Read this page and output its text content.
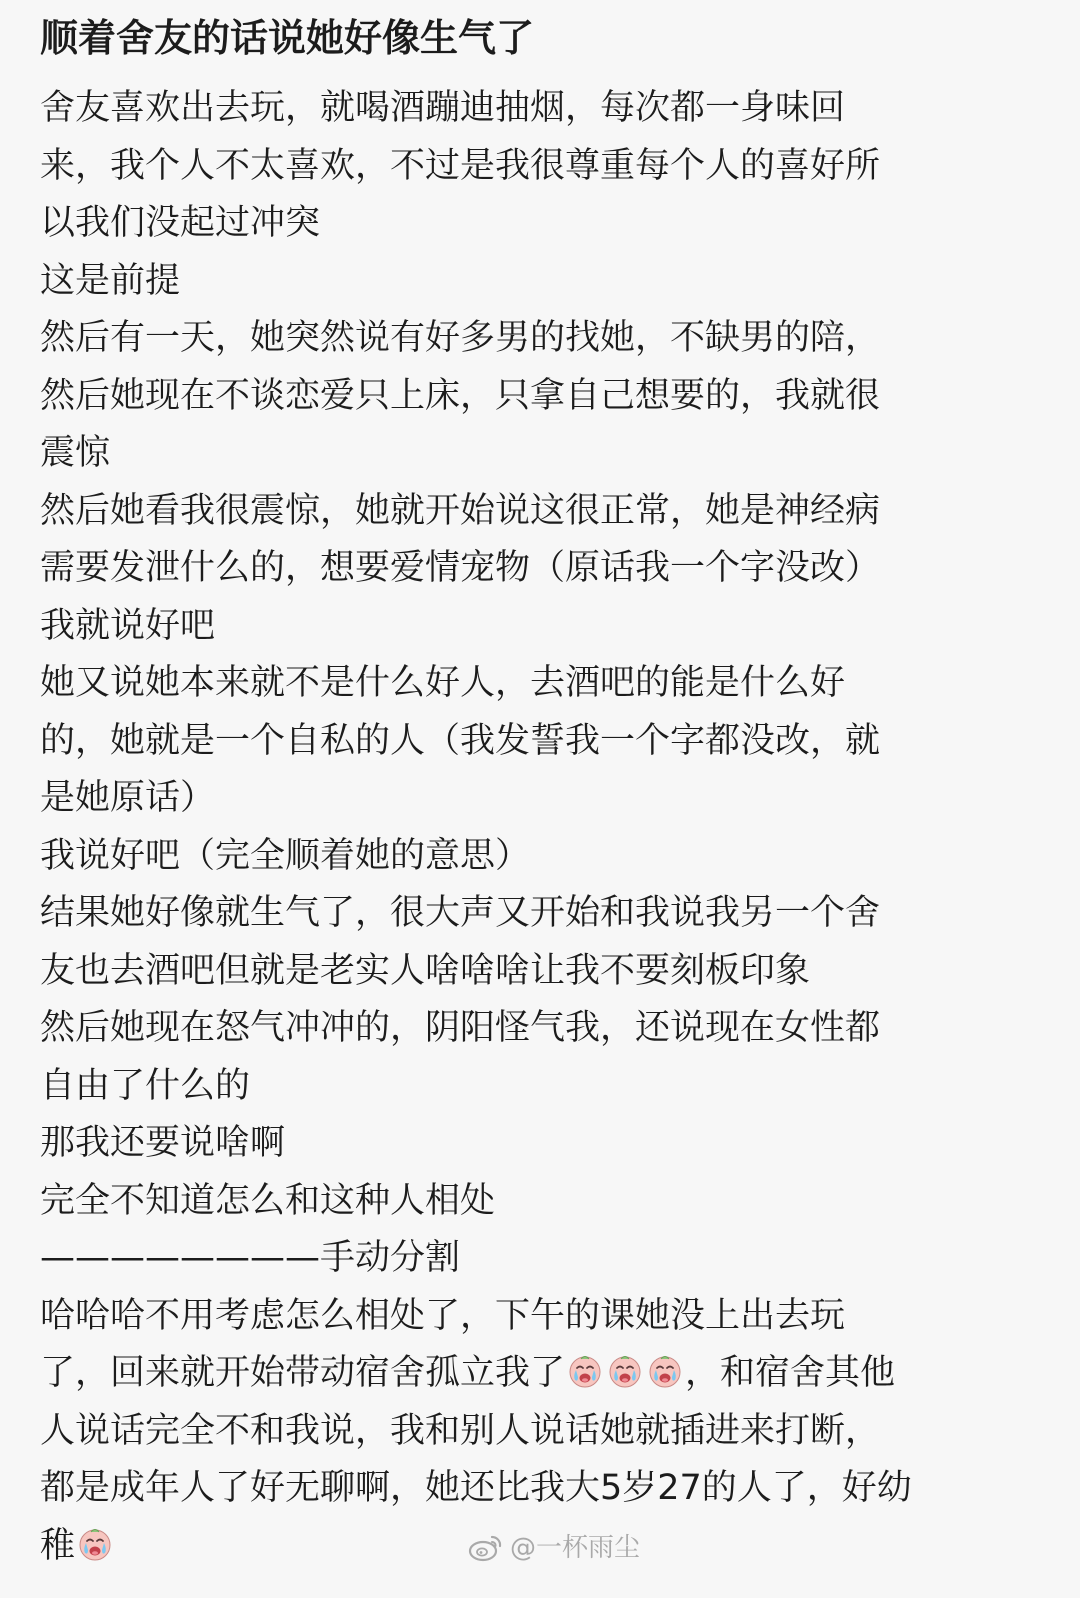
顺着舍友的话说她好像生气了
舍友喜欢出去玩，就喝酒蹦迪抽烟，每次都一身味回
来，我个人不太喜欢，不过是我很尊重每个人的喜好所
以我们没起过冲突
这是前提
然后有一天，她突然说有好多男的找她，不缺男的陪，
然后她现在不谈恋爱只上床，只拿自己想要的，我就很
震惊
然后她看我很震惊，她就开始说这很正常，她是神经病
需要发泄什么的，想要爱情宠物（原话我一个字没改）
我就说好吧
她又说她本来就不是什么好人，去酒吧的能是什么好
的，她就是一个自私的人（我发誓我一个字都没改，就
是她原话）
我说好吧（完全顺着她的意思）
结果她好像就生气了，很大声又开始和我说我另一个舍
友也去酒吧但就是老实人啥啥啥让我不要刻板印象
然后她现在怒气冲冲的，阴阳怪气我，还说现在女性都
自由了什么的
那我还要说啥啊
完全不知道怎么和这种人相处
————————手动分割
哈哈哈不用考虑怎么相处了，下午的课她没上出去玩
了，回来就开始带动宿舍孤立我了	，和宿舍其他
人说话完全不和我说，我和别人说话她就插进来打断，
都是成年人了好无聊啊，她还比我大5岁27的人了，好幼
稚	@一杯雨尘
